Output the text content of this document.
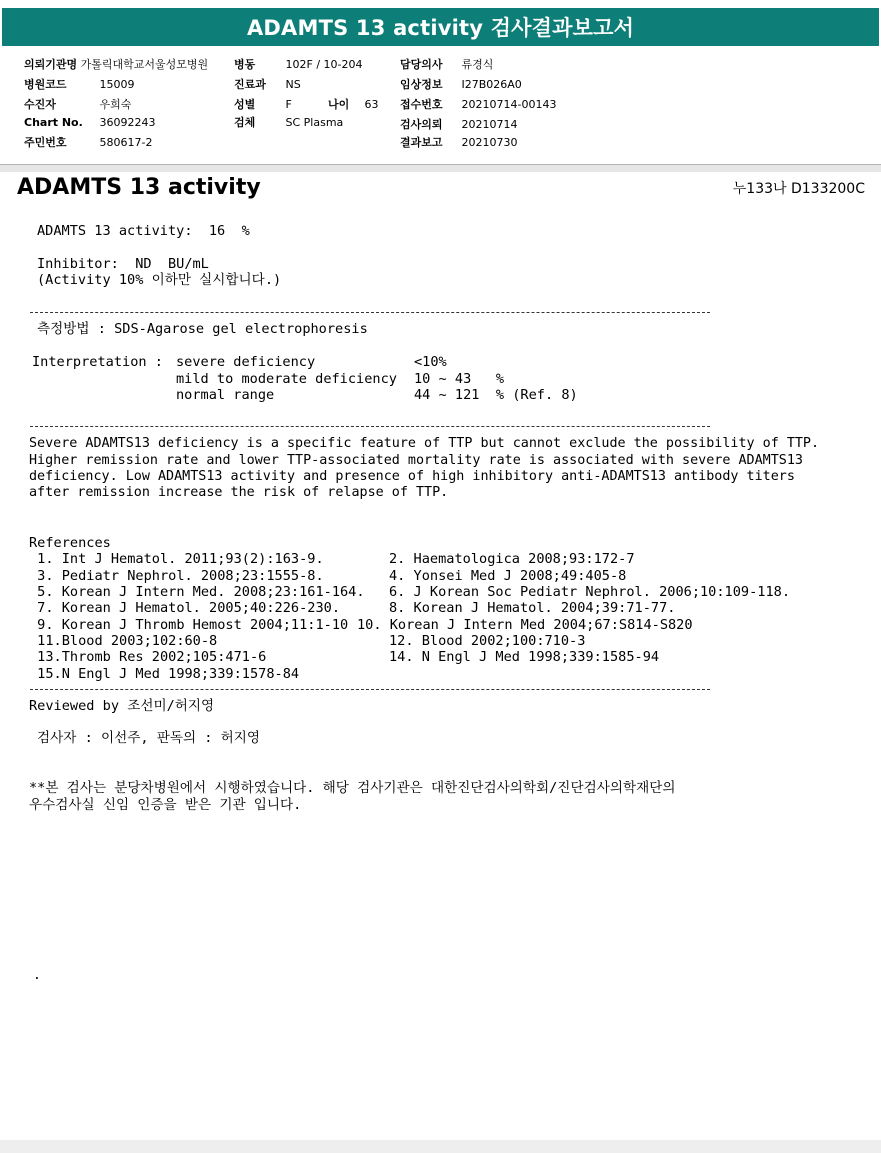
ADAMTS 13 activity 검사결과보고서
의뢰기관명 가톨릭대학교서울성모병원 병동	102F / 10-204	담당의사 류경식
병원코드	15009	진료과 NS	임상정보 I27B026A0
수진자	우희숙	성별	F	나이 63 접수번호 20210714-00143
Chart No. 36092243	검체	SC Plasma	검사의뢰 20210714
주민번호	580617-2	결과보고 20210730
ADAMTS 13 activity	누133나 D133200C
ADAMTS 13 activity:  16  %
Inhibitor:  ND  BU/mL
(Activity 10% 이하만 실시합니다.)
측정방법 : SDS-Agarose gel electrophoresis
Interpretation : severe deficiency	<10%
mild to moderate deficiency 10 ~ 43   %
normal range	44 ~ 121  % (Ref. 8)
Severe ADAMTS13 deficiency is a specific feature of TTP but cannot exclude the possibility of TTP.
Higher remission rate and lower TTP-associated mortality rate is associated with severe ADAMTS13
deficiency. Low ADAMTS13 activity and presence of high inhibitory anti-ADAMTS13 antibody titers
after remission increase the risk of relapse of TTP.
References
1. Int J Hematol. 2011;93(2):163-9.	2. Haematologica 2008;93:172-7
3. Pediatr Nephrol. 2008;23:1555-8.	4. Yonsei Med J 2008;49:405-8
5. Korean J Intern Med. 2008;23:161-164. 6. J Korean Soc Pediatr Nephrol. 2006;10:109-118.
7. Korean J Hematol. 2005;40:226-230.	8. Korean J Hematol. 2004;39:71-77.
9. Korean J Thromb Hemost 2004;11:1-10 10. Korean J Intern Med 2004;67:S814-S820
11.Blood 2003;102:60-8	12. Blood 2002;100:710-3
13.Thromb Res 2002;105:471-6	14. N Engl J Med 1998;339:1585-94
15.N Engl J Med 1998;339:1578-84
Reviewed by 조선미/허지영
검사자 : 이선주, 판독의 : 허지영
**본 검사는 분당차병원에서 시행하였습니다. 해당 검사기관은 대한진단검사의학회/진단검사의학재단의
우수검사실 신임 인증을 받은 기관 입니다.
.
